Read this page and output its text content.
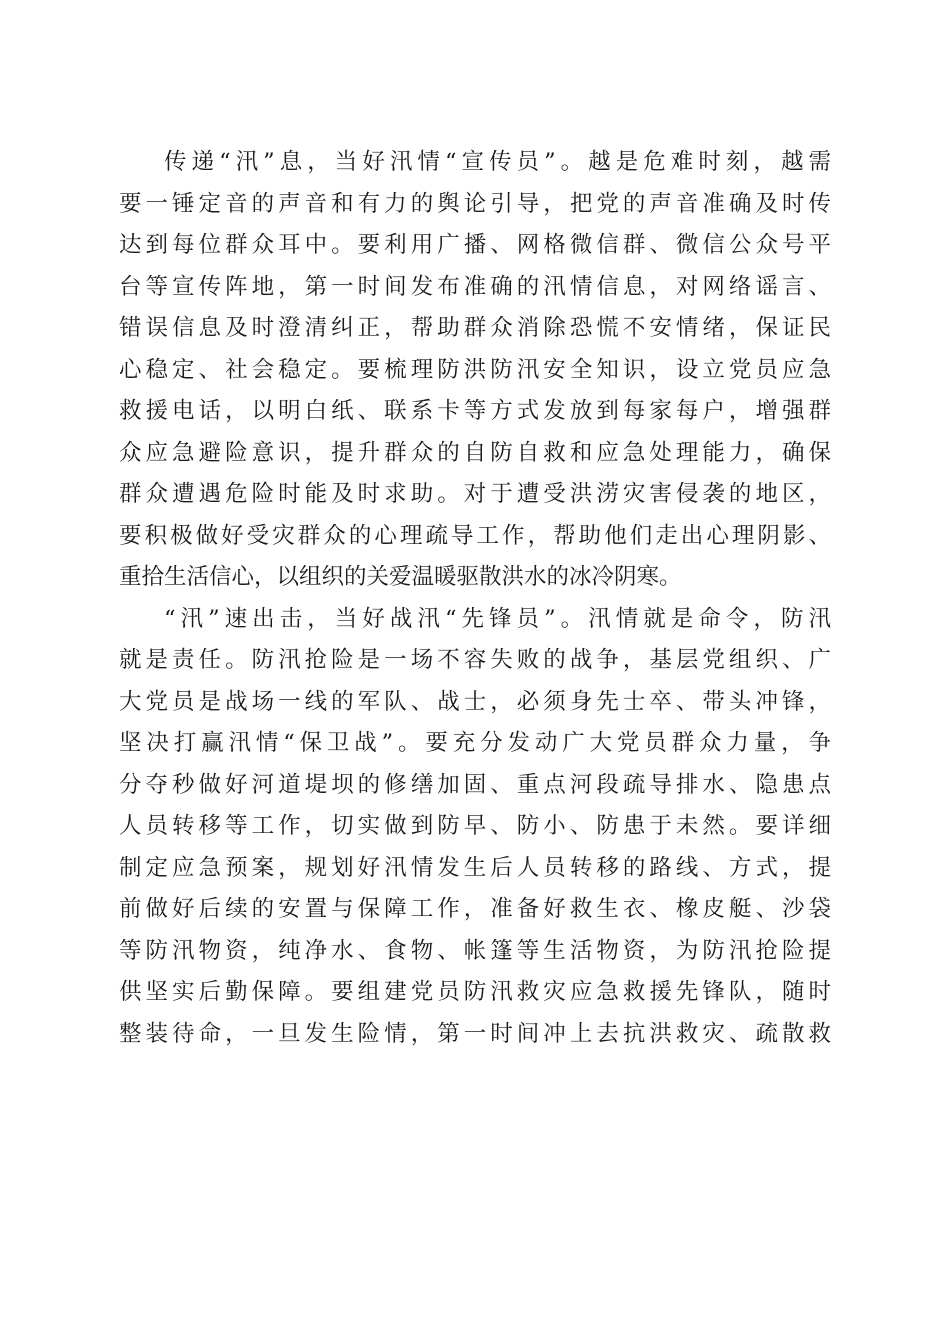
传递“汛”息，当好汛情“宣传员”。越是危难时刻，越需
要一锤定音的声音和有力的舆论引导，把党的声音准确及时传
达到每位群众耳中。要利用广播、网格微信群、微信公众号平
台等宣传阵地，第一时间发布准确的汛情信息，对网络谣言、
错误信息及时澄清纠正，帮助群众消除恐慌不安情绪，保证民
心稳定、社会稳定。要梳理防洪防汛安全知识，设立党员应急
救援电话，以明白纸、联系卡等方式发放到每家每户，增强群
众应急避险意识，提升群众的自防自救和应急处理能力，确保
群众遭遇危险时能及时求助。对于遭受洪涝灾害侵袭的地区，
要积极做好受灾群众的心理疏导工作，帮助他们走出心理阴影、
重拾生活信心，以组织的关爱温暖驱散洪水的冰冷阴寒。
“汛”速出击，当好战汛“先锋员”。汛情就是命令，防汛
就是责任。防汛抢险是一场不容失败的战争，基层党组织、广
大党员是战场一线的军队、战士，必须身先士卒、带头冲锋，
坚决打赢汛情“保卫战”。要充分发动广大党员群众力量，争
分夺秒做好河道堤坝的修缮加固、重点河段疏导排水、隐患点
人员转移等工作，切实做到防早、防小、防患于未然。要详细
制定应急预案，规划好汛情发生后人员转移的路线、方式，提
前做好后续的安置与保障工作，准备好救生衣、橡皮艇、沙袋
等防汛物资，纯净水、食物、帐篷等生活物资，为防汛抢险提
供坚实后勤保障。要组建党员防汛救灾应急救援先锋队，随时
整装待命，一旦发生险情，第一时间冲上去抗洪救灾、疏散救
